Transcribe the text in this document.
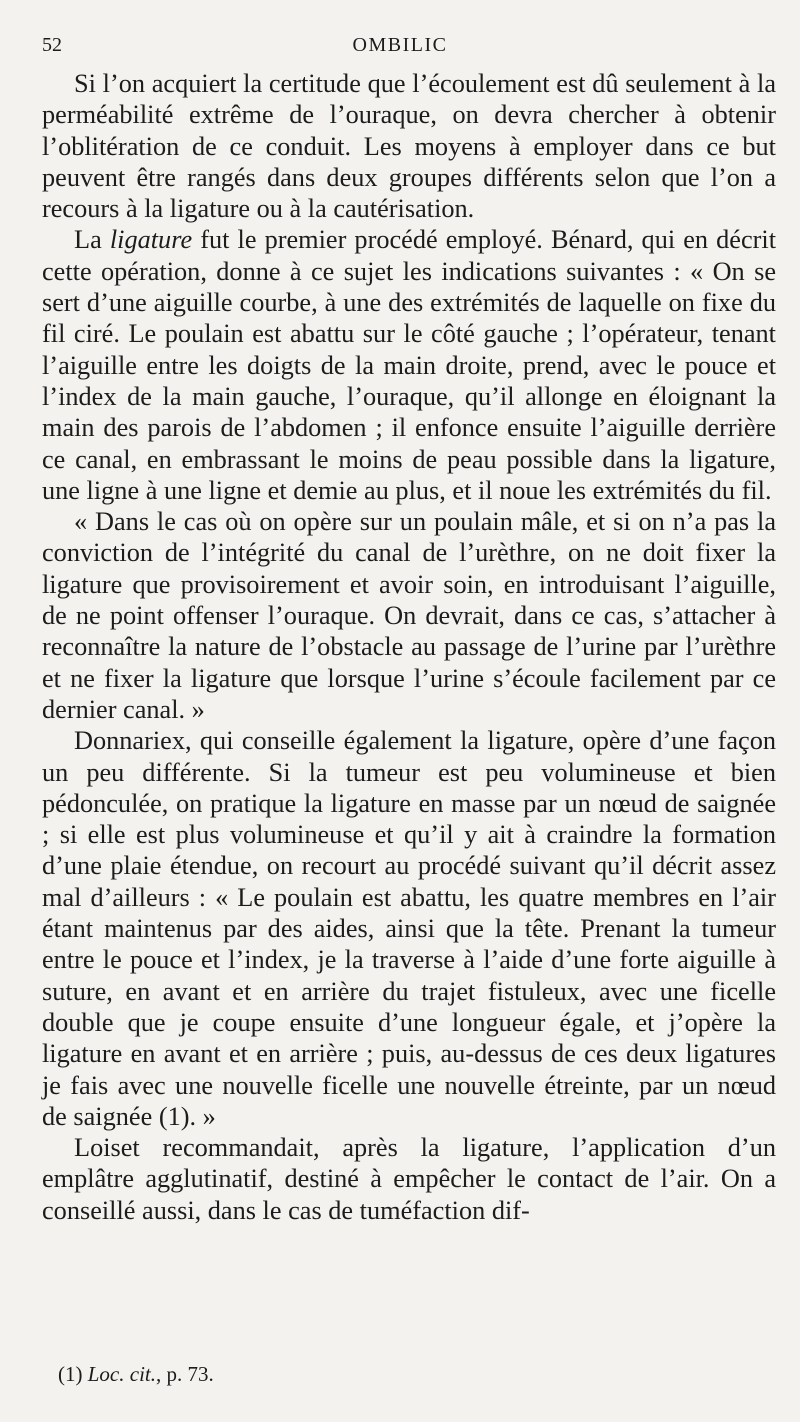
52	OMBILIC

Si l’on acquiert la certitude que l’écoulement est dû seulement à la perméabilité extrême de l’ouraque, on devra chercher à obtenir l’oblitération de ce conduit. Les moyens à employer dans ce but peuvent être rangés dans deux groupes différents selon que l’on a recours à la ligature ou à la cautérisation.

La ligature fut le premier procédé employé. Bénard, qui en décrit cette opération, donne à ce sujet les indications suivantes : « On se sert d’une aiguille courbe, à une des extrémités de laquelle on fixe du fil ciré. Le poulain est abattu sur le côté gauche ; l’opérateur, tenant l’aiguille entre les doigts de la main droite, prend, avec le pouce et l’index de la main gauche, l’ouraque, qu’il allonge en éloignant la main des parois de l’abdomen ; il enfonce ensuite l’aiguille derrière ce canal, en embrassant le moins de peau possible dans la ligature, une ligne à une ligne et demie au plus, et il noue les extrémités du fil.

« Dans le cas où on opère sur un poulain mâle, et si on n’a pas la conviction de l’intégrité du canal de l’urèthre, on ne doit fixer la ligature que provisoirement et avoir soin, en introduisant l’aiguille, de ne point offenser l’ouraque. On devrait, dans ce cas, s’attacher à reconnaître la nature de l’obstacle au passage de l’urine par l’urèthre et ne fixer la ligature que lorsque l’urine s’écoule facilement par ce dernier canal. »

Donnariex, qui conseille également la ligature, opère d’une façon un peu différente. Si la tumeur est peu volumineuse et bien pédonculée, on pratique la ligature en masse par un nœud de saignée ; si elle est plus volumineuse et qu’il y ait à craindre la formation d’une plaie étendue, on recourt au procédé suivant qu’il décrit assez mal d’ailleurs : « Le poulain est abattu, les quatre membres en l’air étant maintenus par des aides, ainsi que la tête. Prenant la tumeur entre le pouce et l’index, je la traverse à l’aide d’une forte aiguille à suture, en avant et en arrière du trajet fistuleux, avec une ficelle double que je coupe ensuite d’une longueur égale, et j’opère la ligature en avant et en arrière ; puis, au-dessus de ces deux ligatures je fais avec une nouvelle ficelle une nouvelle étreinte, par un nœud de saignée (1). »

Loiset recommandait, après la ligature, l’application d’un emplâtre agglutinatif, destiné à empêcher le contact de l’air. On a conseillé aussi, dans le cas de tuméfaction dif-

(1) Loc. cit., p. 73.
